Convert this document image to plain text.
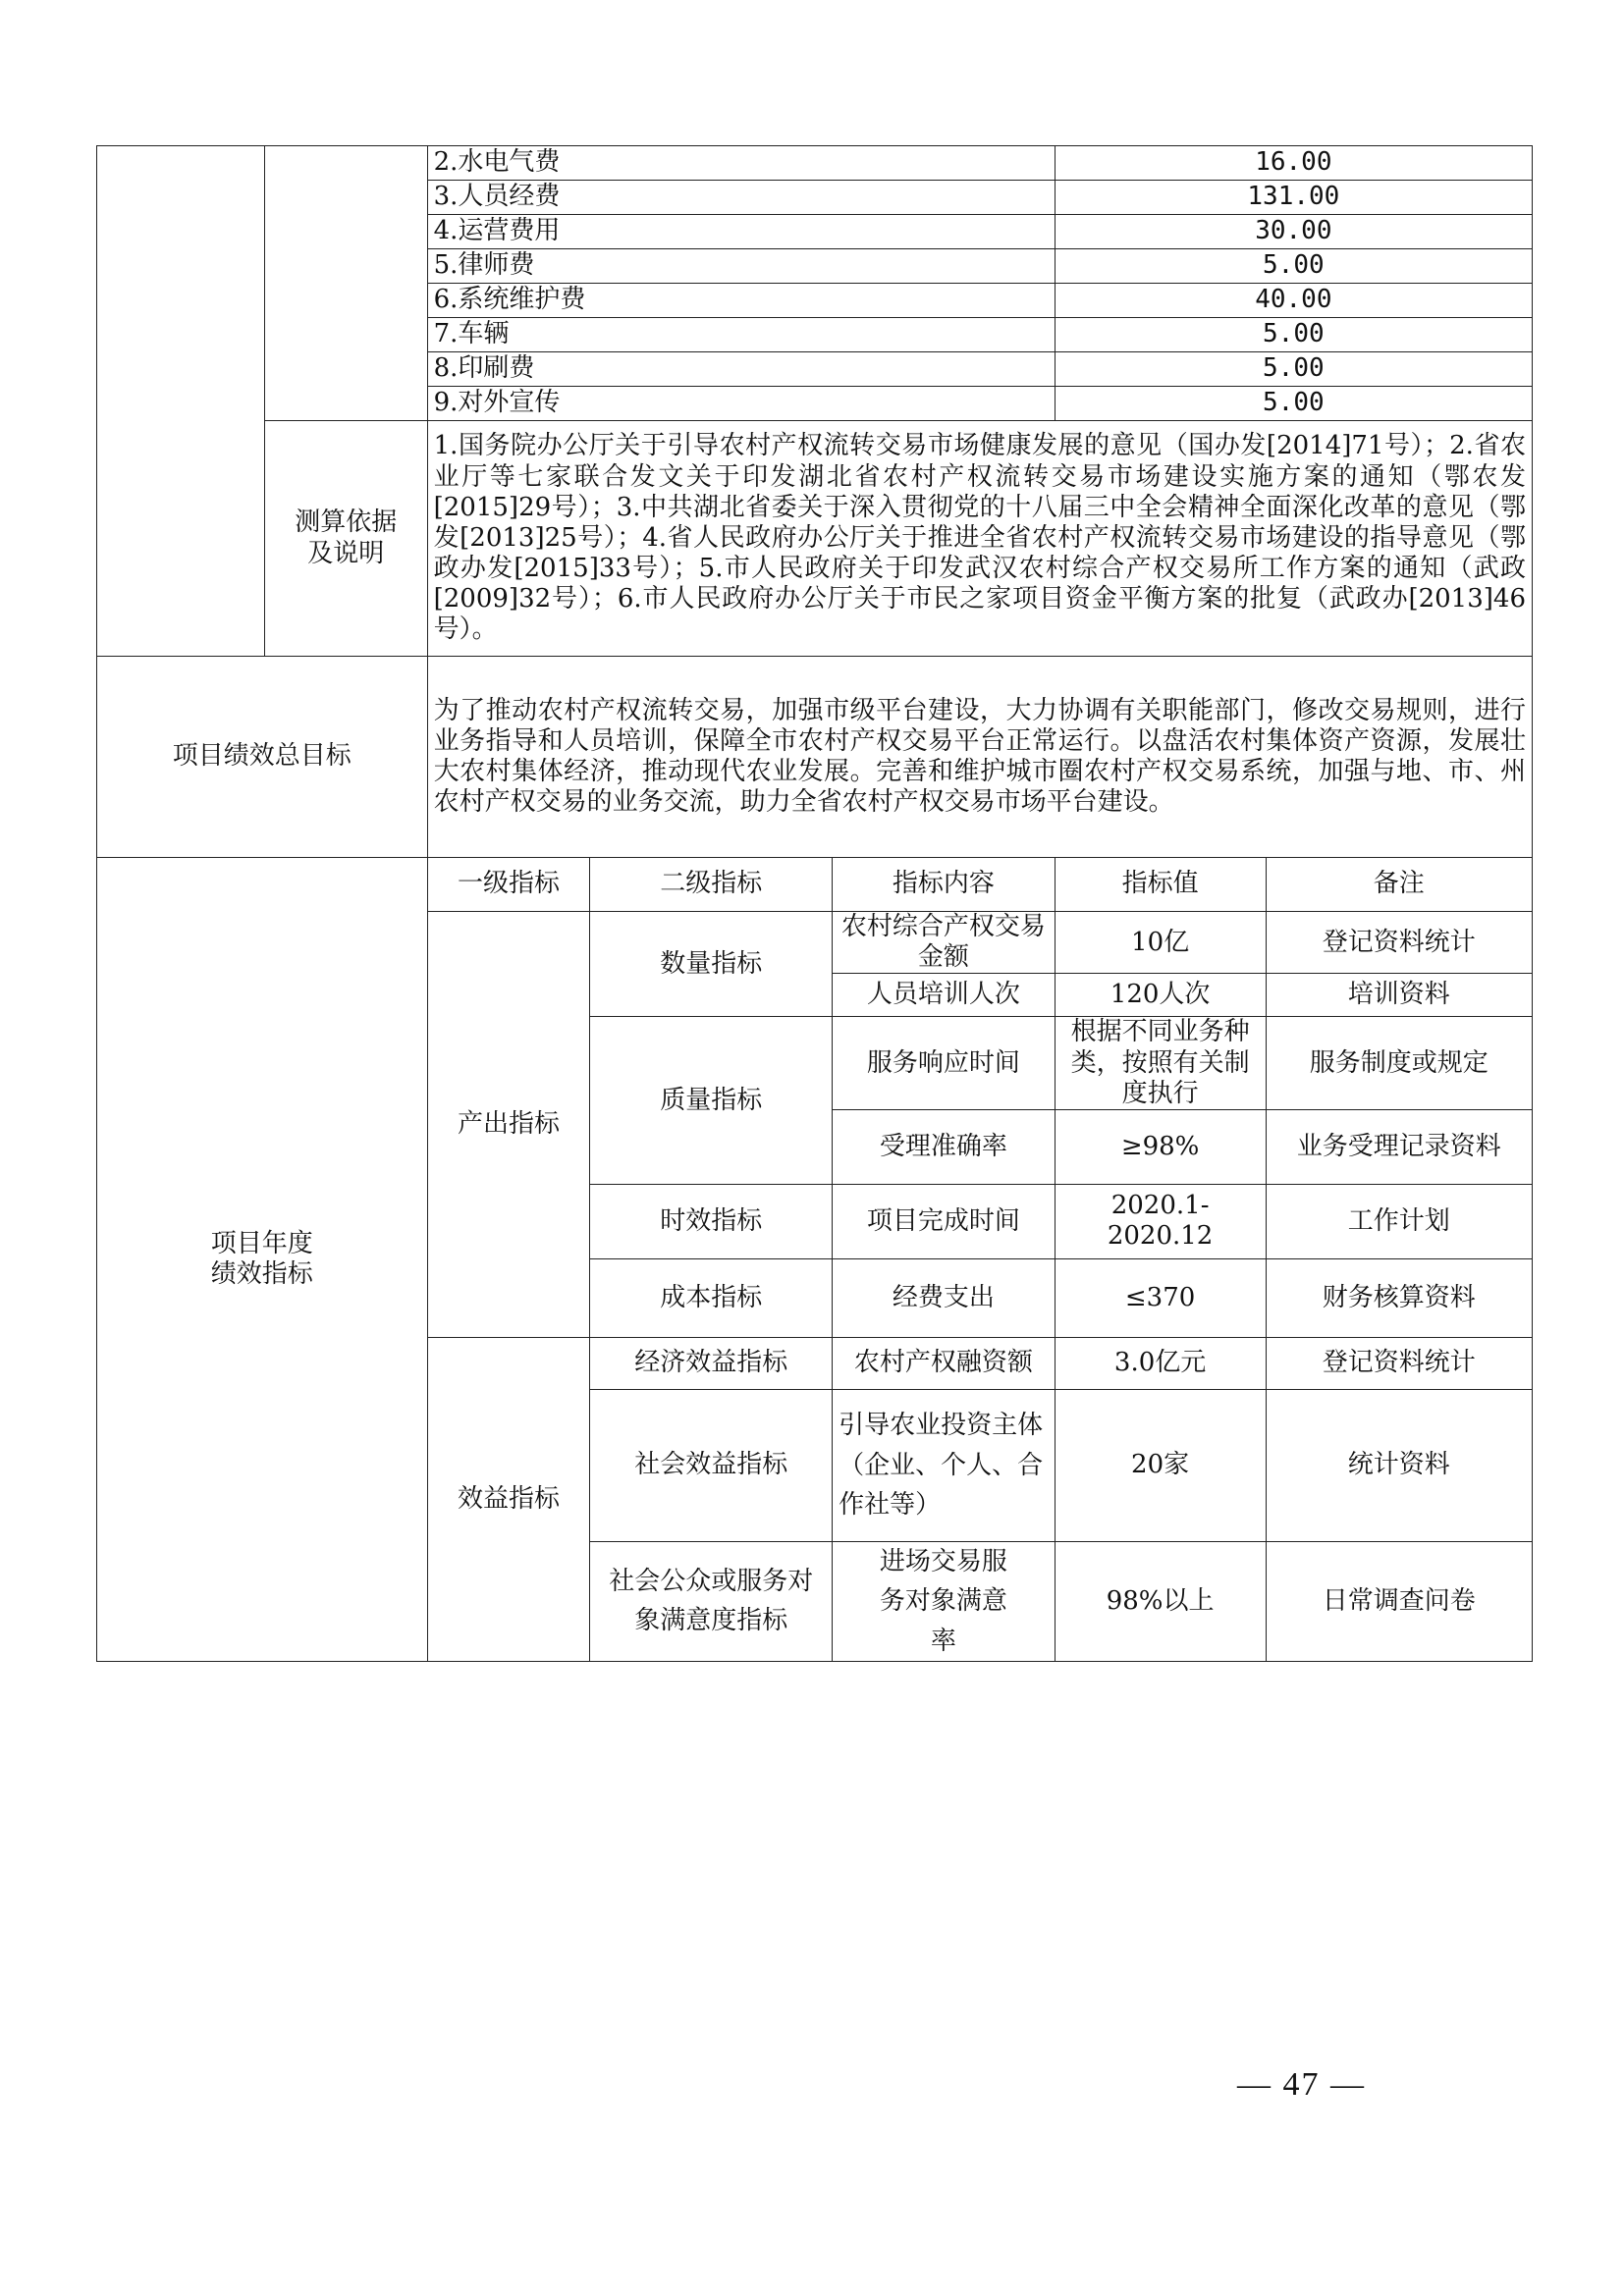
		2.水电气费			16.00	
		3.人员经费			131.00	
		4.运营费用			30.00	
		5.律师费			5.00	
		6.系统维护费			40.00	
		7.车辆			5.00	
		8.印刷费			5.00	
		9.对外宣传			5.00	
	测算依据
及说明	1.国务院办公厅关于引导农村产权流转交易市场健康发展的意见（国办发[2014]71号）；2.省农业厅等七家联合发文关于印发湖北省农村产权流转交易市场建设实施方案的通知（鄂农发[2015]29号）；3.中共湖北省委关于深入贯彻党的十八届三中全会精神全面深化改革的意见（鄂发[2013]25号）；4.省人民政府办公厅关于推进全省农村产权流转交易市场建设的指导意见（鄂政办发[2015]33号）；5.市人民政府关于印发武汉农村综合产权交易所工作方案的通知（武政[2009]32号）；6.市人民政府办公厅关于市民之家项目资金平衡方案的批复（武政办[2013]46号）。				
项目绩效总目标		为了推动农村产权流转交易，加强市级平台建设，大力协调有关职能部门，修改交易规则，进行业务指导和人员培训，保障全市农村产权交易平台正常运行。以盘活农村集体资产资源，发展壮大农村集体经济，推动现代农业发展。完善和维护城市圈农村产权交易系统，加强与地、市、州农村产权交易的业务交流，助力全省农村产权交易市场平台建设。				
项目年度
绩效指标		一级指标	二级指标	指标内容	指标值	备注
		产出指标	数量指标	农村综合产权交易金额	10亿	登记资料统计
				人员培训人次	120人次	培训资料
			质量指标	服务响应时间	根据不同业务种类，按照有关制度执行	服务制度或规定
				受理准确率	≥98%	业务受理记录资料
			时效指标	项目完成时间	2020.1-2020.12	工作计划
			成本指标	经费支出	≤370	财务核算资料
		效益指标	经济效益指标	农村产权融资额	3.0亿元	登记资料统计
			社会效益指标	引导农业投资主体（企业、个人、合作社等）	20家	统计资料
			社会公众或服务对象满意度指标	进场交易服务对象满意率	98%以上	日常调查问卷
— 47 —
